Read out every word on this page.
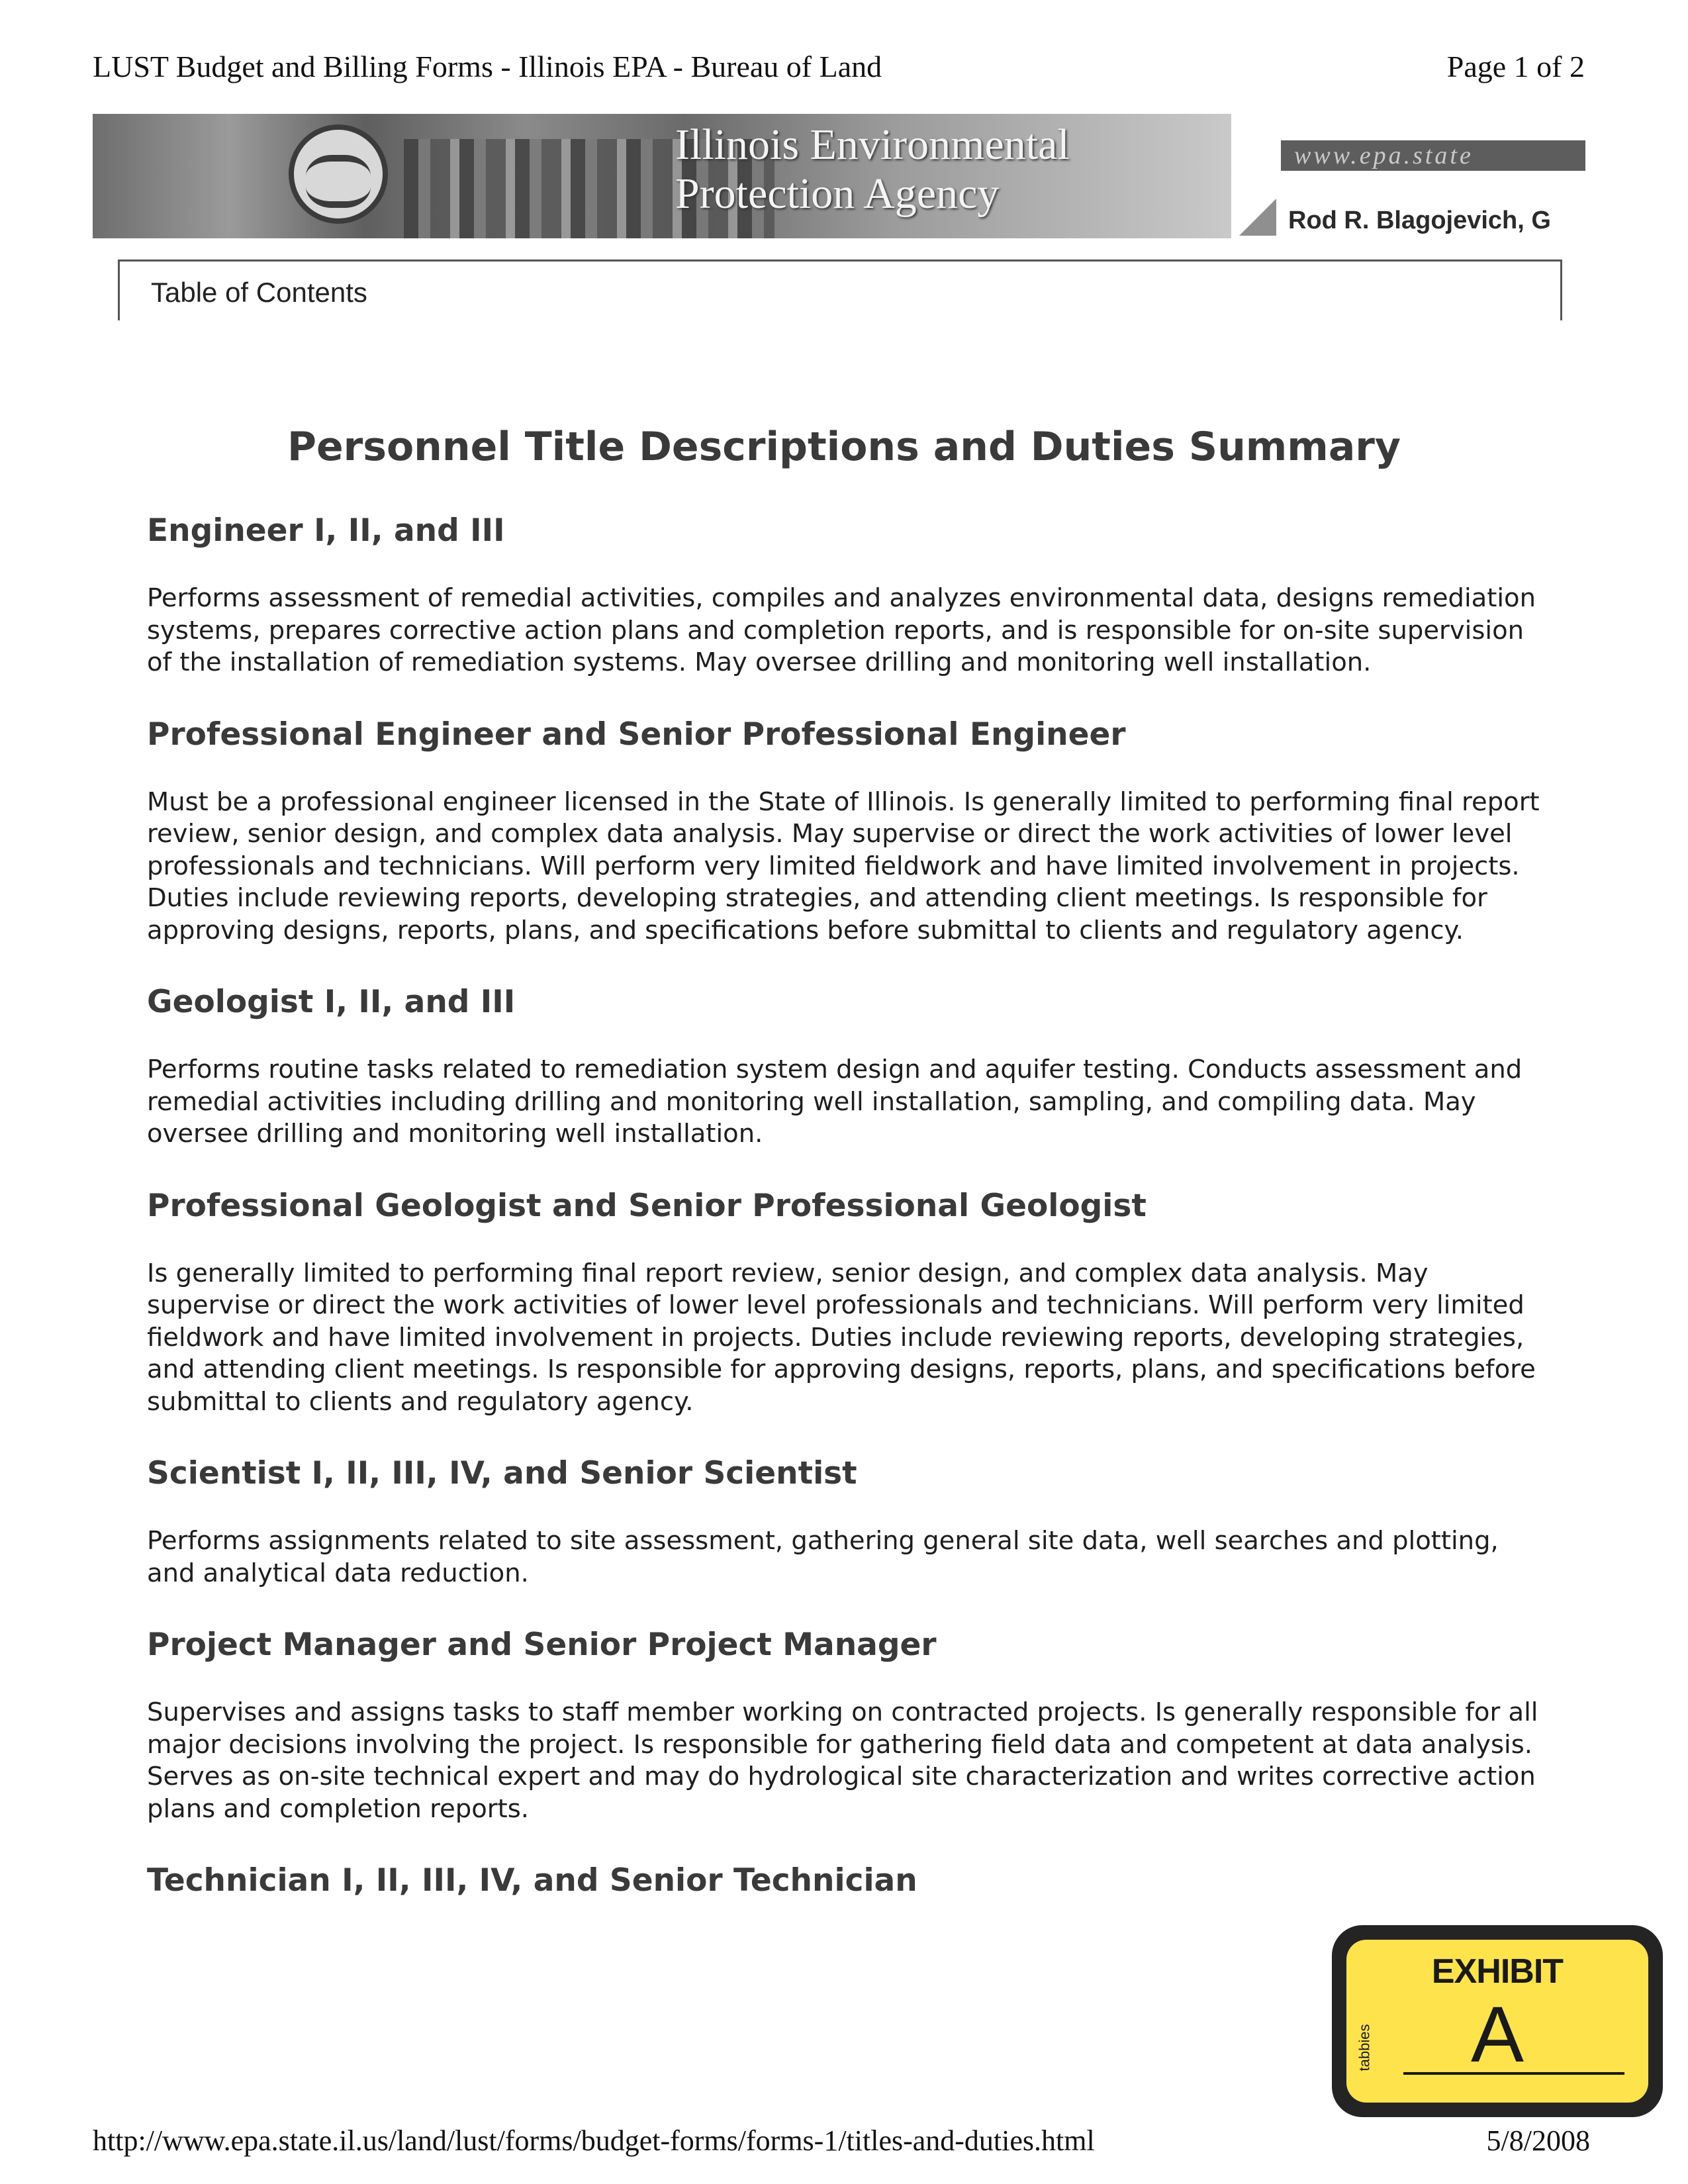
LUST Budget and Billing Forms - Illinois EPA - Bureau of Land	Page 1 of 2
Illinois Environmental
Protection Agency
www.epa.state
Rod R. Blagojevich, G
Table of Contents
Personnel Title Descriptions and Duties Summary
Engineer I, II, and III

Performs assessment of remedial activities, compiles and analyzes environmental data, designs remediation systems, prepares corrective action plans and completion reports, and is responsible for on-site supervision of the installation of remediation systems. May oversee drilling and monitoring well installation.

Professional Engineer and Senior Professional Engineer

Must be a professional engineer licensed in the State of Illinois. Is generally limited to performing final report review, senior design, and complex data analysis. May supervise or direct the work activities of lower level professionals and technicians. Will perform very limited fieldwork and have limited involvement in projects. Duties include reviewing reports, developing strategies, and attending client meetings. Is responsible for approving designs, reports, plans, and specifications before submittal to clients and regulatory agency.

Geologist I, II, and III

Performs routine tasks related to remediation system design and aquifer testing. Conducts assessment and remedial activities including drilling and monitoring well installation, sampling, and compiling data. May oversee drilling and monitoring well installation.

Professional Geologist and Senior Professional Geologist

Is generally limited to performing final report review, senior design, and complex data analysis. May supervise or direct the work activities of lower level professionals and technicians. Will perform very limited fieldwork and have limited involvement in projects. Duties include reviewing reports, developing strategies, and attending client meetings. Is responsible for approving designs, reports, plans, and specifications before submittal to clients and regulatory agency.

Scientist I, II, III, IV, and Senior Scientist

Performs assignments related to site assessment, gathering general site data, well searches and plotting, and analytical data reduction.

Project Manager and Senior Project Manager

Supervises and assigns tasks to staff member working on contracted projects. Is generally responsible for all major decisions involving the project. Is responsible for gathering field data and competent at data analysis. Serves as on-site technical expert and may do hydrological site characterization and writes corrective action plans and completion reports.

Technician I, II, III, IV, and Senior Technician
EXHIBIT
tabbies	A
http://www.epa.state.il.us/land/lust/forms/budget-forms/forms-1/titles-and-duties.html	5/8/2008
